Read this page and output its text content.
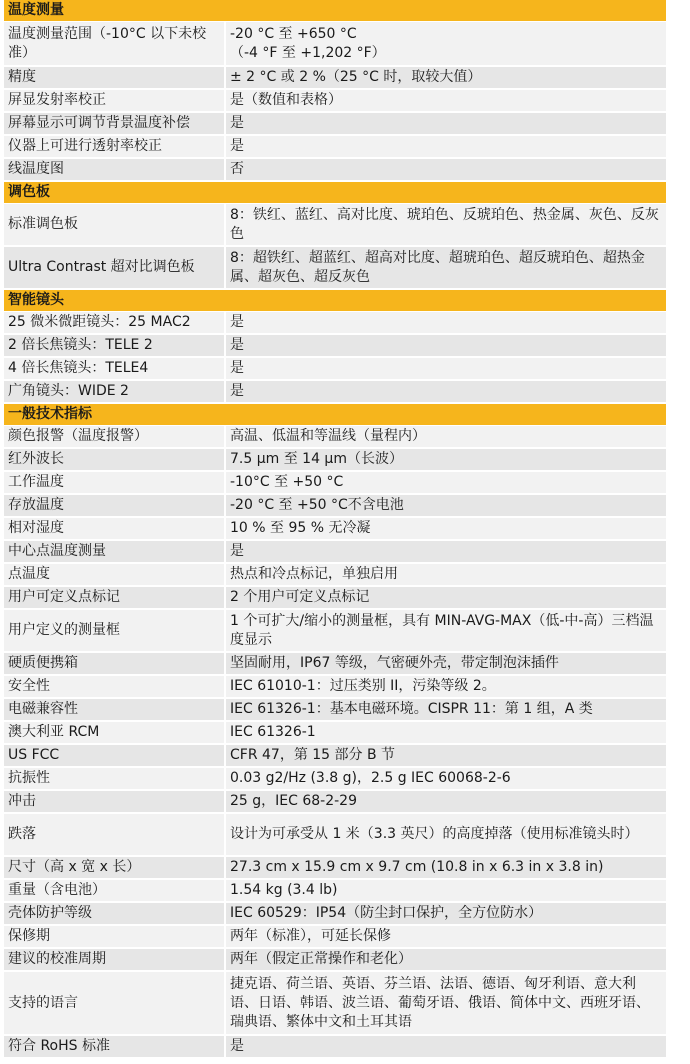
温度测量	
温度测量范围（-10°C 以下未校准）	-20 °C 至 +650 °C
（-4 °F 至 +1,202 °F）

精度	± 2 °C 或 2 %（25 °C 时，取较大值）

屏显发射率校正	是（数值和表格）

屏幕显示可调节背景温度补偿	是

仪器上可进行透射率校正	是

线温度图	否

调色板	
标准调色板	8：铁红、蓝红、高对比度、琥珀色、反琥珀色、热金属、灰色、反灰色

Ultra Contrast 超对比调色板	8：超铁红、超蓝红、超高对比度、超琥珀色、超反琥珀色、超热金属、超灰色、超反灰色

智能镜头	
25 微米微距镜头：25 MAC2	是

2 倍长焦镜头：TELE 2	是

4 倍长焦镜头：TELE4	是

广角镜头：WIDE 2	是

一般技术指标	
颜色报警（温度报警）	高温、低温和等温线（量程内）

红外波长	7.5 μm 至 14 μm（长波）

工作温度	-10°C 至 +50 °C

存放温度	-20 °C 至 +50 °C不含电池

相对湿度	10 % 至 95 % 无冷凝

中心点温度测量	是

点温度	热点和冷点标记，单独启用

用户可定义点标记	2 个用户可定义点标记

用户定义的测量框	1 个可扩大/缩小的测量框，具有 MIN-AVG-MAX（低-中-高）三档温度显示

硬质便携箱	坚固耐用，IP67 等级，气密硬外壳，带定制泡沫插件

安全性	IEC 61010-1：过压类别 II，污染等级 2。

电磁兼容性	IEC 61326-1：基本电磁环境。CISPR 11：第 1 组，A 类

澳大利亚 RCM	IEC 61326-1

US FCC	CFR 47，第 15 部分 B 节

抗振性	0.03 g2/Hz (3.8 g)，2.5 g IEC 60068-2-6

冲击	25 g，IEC 68-2-29

跌落	设计为可承受从 1 米（3.3 英尺）的高度掉落（使用标准镜头时）

尺寸（高 x 宽 x 长）	27.3 cm x 15.9 cm x 9.7 cm (10.8 in x 6.3 in x 3.8 in)

重量（含电池）	1.54 kg (3.4 lb)

壳体防护等级	IEC 60529：IP54（防尘封口保护，全方位防水）

保修期	两年（标准），可延长保修

建议的校准周期	两年（假定正常操作和老化）

支持的语言	捷克语、荷兰语、英语、芬兰语、法语、德语、匈牙利语、意大利语、日语、韩语、波兰语、葡萄牙语、俄语、简体中文、西班牙语、瑞典语、繁体中文和土耳其语

符合 RoHS 标准	是
